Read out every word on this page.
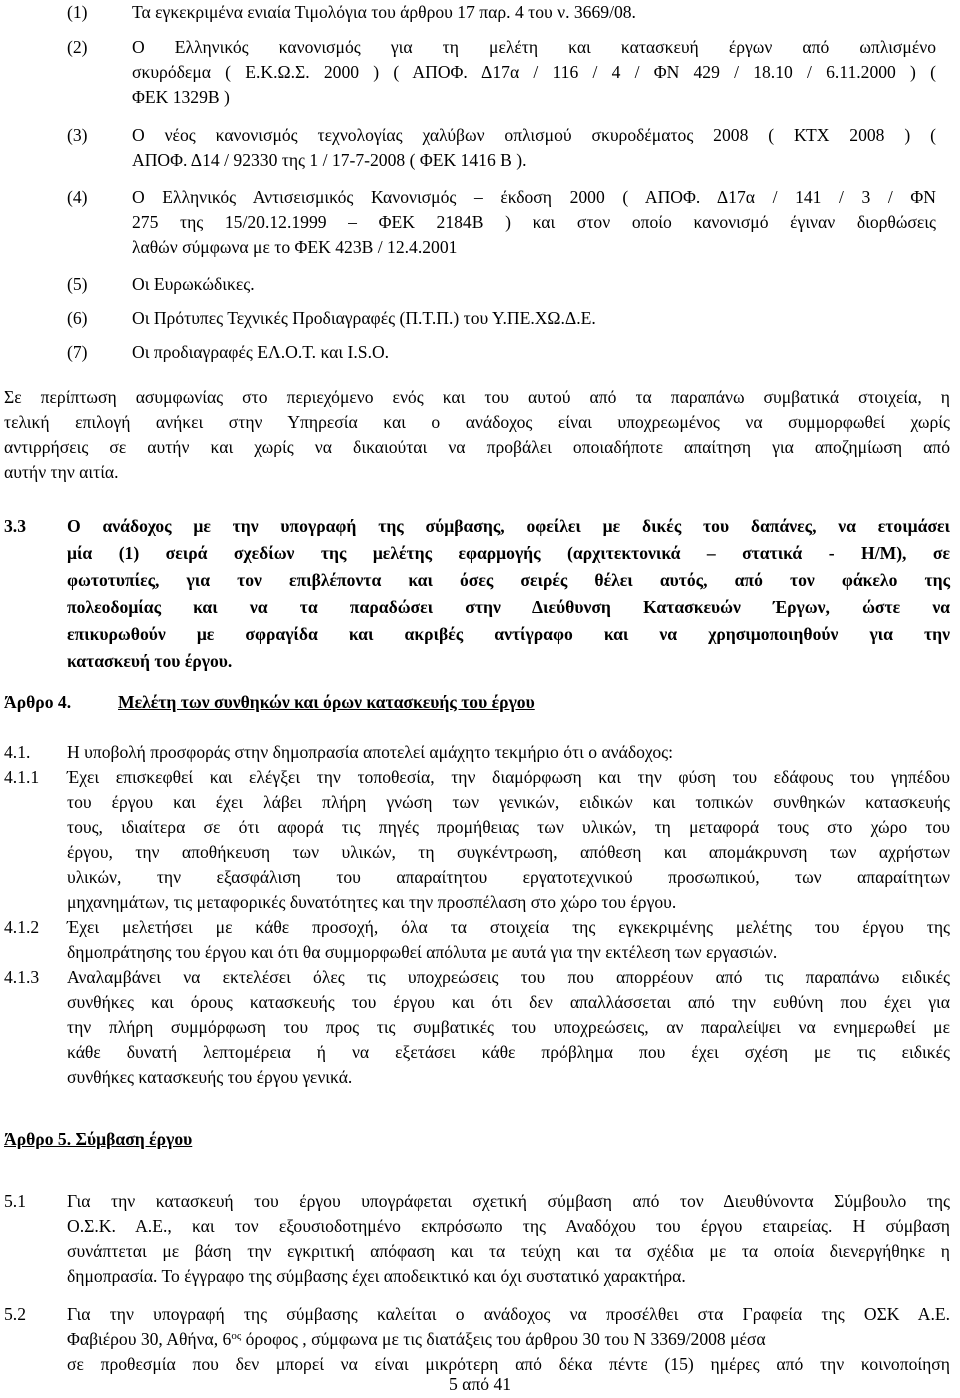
(1)	Τα εγκεκριμένα ενιαία Τιμολόγια του άρθρου 17 παρ. 4 του ν. 3669/08.
(2)	Ο Ελληνικός κανονισμός για τη μελέτη και κατασκευή έργων από ωπλισμένο
σκυρόδεμα ( Ε.Κ.Ω.Σ. 2000 ) ( ΑΠΟΦ. Δ17α / 116 / 4 / ΦΝ 429 / 18.10 / 6.11.2000 ) (
ΦΕΚ 1329Β )
(3)	Ο νέος κανονισμός τεχνολογίας χαλύβων οπλισμού σκυροδέματος 2008 ( ΚΤΧ 2008 ) (
ΑΠΟΦ. Δ14 / 92330 της 1 / 17-7-2008 ( ΦΕΚ 1416 Β ).
(4)	Ο Ελληνικός Αντισεισμικός Κανονισμός – έκδοση 2000 ( ΑΠΟΦ. Δ17α / 141 / 3 / ΦΝ
275 της 15/20.12.1999 – ΦΕΚ 2184Β ) και στον οποίο κανονισμό έγιναν διορθώσεις
λαθών σύμφωνα με το ΦΕΚ 423Β / 12.4.2001
(5)	Οι Ευρωκώδικες.
(6)	Οι Πρότυπες Τεχνικές Προδιαγραφές (Π.Τ.Π.) του Υ.ΠΕ.ΧΩ.Δ.Ε.
(7)	Οι προδιαγραφές ΕΛ.Ο.Τ. και I.S.O.
Σε περίπτωση ασυμφωνίας στο περιεχόμενο ενός και του αυτού από τα παραπάνω συμβατικά στοιχεία, η
τελική επιλογή ανήκει στην Υπηρεσία και ο ανάδοχος είναι υποχρεωμένος να συμμορφωθεί χωρίς
αντιρρήσεις σε αυτήν και χωρίς να δικαιούται να προβάλει οποιαδήποτε απαίτηση για αποζημίωση από
αυτήν την αιτία.
3.3 Ο ανάδοχος με την υπογραφή της σύμβασης, οφείλει με δικές του δαπάνες, να ετοιμάσει
μία (1) σειρά σχεδίων της μελέτης εφαρμογής (αρχιτεκτονικά – στατικά - Η/Μ), σε
φωτοτυπίες, για τον επιβλέποντα και όσες σειρές θέλει αυτός, από τον φάκελο της
πολεοδομίας και να τα παραδώσει στην Διεύθυνση Κατασκευών Έργων, ώστε να
επικυρωθούν με σφραγίδα και ακριβές αντίγραφο και να χρησιμοποιηθούν για την
κατασκευή του έργου.
Άρθρο 4.	Μελέτη των συνθηκών και όρων κατασκευής του έργου
4.1. Η υποβολή προσφοράς στην δημοπρασία αποτελεί αμάχητο τεκμήριο ότι ο ανάδοχος:
4.1.1 Έχει επισκεφθεί και ελέγξει την τοποθεσία, την διαμόρφωση και την φύση του εδάφους του γηπέδου
του έργου και έχει λάβει πλήρη γνώση των γενικών, ειδικών και τοπικών συνθηκών κατασκευής
τους, ιδιαίτερα σε ότι αφορά τις πηγές προμήθειας των υλικών, τη μεταφορά τους στο χώρο του
έργου, την αποθήκευση των υλικών, τη συγκέντρωση, απόθεση και απομάκρυνση των αχρήστων
υλικών, την εξασφάλιση του απαραίτητου εργατοτεχνικού προσωπικού, των απαραίτητων
μηχανημάτων, τις μεταφορικές δυνατότητες και την προσπέλαση στο χώρο του έργου.
4.1.2 Έχει μελετήσει με κάθε προσοχή, όλα τα στοιχεία της εγκεκριμένης μελέτης του έργου της
δημοπράτησης του έργου και ότι θα συμμορφωθεί απόλυτα με αυτά για την εκτέλεση των εργασιών.
4.1.3 Αναλαμβάνει να εκτελέσει όλες τις υποχρεώσεις του που απορρέουν από τις παραπάνω ειδικές
συνθήκες και όρους κατασκευής του έργου και ότι δεν απαλλάσσεται από την ευθύνη που έχει για
την πλήρη συμμόρφωση του προς τις συμβατικές του υποχρεώσεις, αν παραλείψει να ενημερωθεί με
κάθε δυνατή λεπτομέρεια ή να εξετάσει κάθε πρόβλημα που έχει σχέση με τις ειδικές
συνθήκες κατασκευής του έργου γενικά.
Άρθρο 5. Σύμβαση έργου
5.1 Για την κατασκευή του έργου υπογράφεται σχετική σύμβαση από τον Διευθύνοντα Σύμβουλο της
Ο.Σ.Κ. Α.Ε., και τον εξουσιοδοτημένο εκπρόσωπο της Αναδόχου του έργου εταιρείας. Η σύμβαση
συνάπτεται με βάση την εγκριτική απόφαση και τα τεύχη και τα σχέδια με τα οποία διενεργήθηκε η
δημοπρασία. Το έγγραφο της σύμβασης έχει αποδεικτικό και όχι συστατικό χαρακτήρα.
5.2 Για την υπογραφή της σύμβασης καλείται ο ανάδοχος να προσέλθει στα Γραφεία της ΟΣΚ Α.Ε.
Φαβιέρου 30, Αθήνα, $6^{o\varsigma}$ όροφος , σύμφωνα με τις διατάξεις του άρθρου 30 του Ν 3369/2008 μέσα
σε προθεσμία που δεν μπορεί να είναι μικρότερη από δέκα πέντε (15) ημέρες από την κοινοποίηση
5 από 41
